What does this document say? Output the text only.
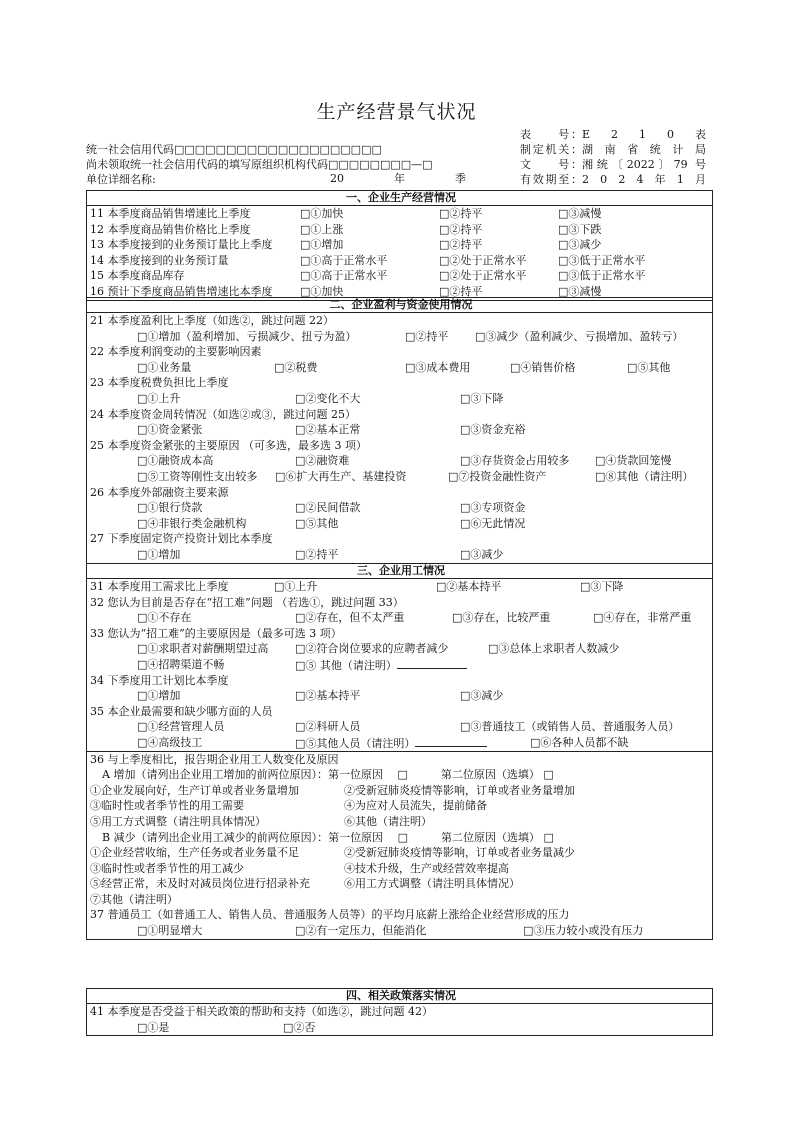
生产经营景气状况
统一社会信用代码□□□□□□□□□□□□□□□□□□□□
尚未领取统一社会信用代码的填写原组织机构代码□□□□□□□□—□
单位详细名称:	20　　	年　　	季
表　　号：E　2　1　0　表
制定机关：湖 南 省 统 计 局
文　　号：湘统〔2022〕79 号
有效期至：2　0　2　4　年　1　月
一、企业生产经营情况

11 本季度商品销售增速比上季度	□①加快	□②持平	□③减慢
12 本季度商品销售价格比上季度	□①上涨	□②持平	□③下跌
13 本季度接到的业务预订量比上季度	□①增加	□②持平	□③减少
14 本季度接到的业务预订量	□①高于正常水平	□②处于正常水平	□③低于正常水平
15 本季度商品库存	□①高于正常水平	□②处于正常水平	□③低于正常水平
16 预计下季度商品销售增速比本季度	□①加快	□②持平	□③减慢
二、企业盈利与资金使用情况

21 本季度盈利比上季度（如选②，跳过问题 22）
□①增加（盈利增加、亏损减少、扭亏为盈）	□②持平 □③减少（盈利减少、亏损增加、盈转亏）
22 本季度利润变动的主要影响因素
□①业务量	□②税费	□③成本费用	□④销售价格	□⑤其他
23 本季度税费负担比上季度
□①上升	□②变化不大	□③下降
24 本季度资金周转情况（如选②或③，跳过问题 25）
□①资金紧张	□②基本正常	□③资金充裕
25 本季度资金紧张的主要原因 （可多选，最多选 3 项）
□①融资成本高	□②融资难	□③存货资金占用较多 □④货款回笼慢
□⑤工资等刚性支出较多 □⑥扩大再生产、基建投资	□⑦投资金融性资产	□⑧其他（请注明）
26 本季度外部融资主要来源
□①银行贷款	□②民间借款	□③专项资金
□④非银行类金融机构	□⑤其他	□⑥无此情况
27 下季度固定资产投资计划比本季度
□①增加	□②持平	□③减少
三、企业用工情况

31 本季度用工需求比上季度	□①上升	□②基本持平	□③下降
32 您认为目前是否存在“招工难”问题 （若选①，跳过问题 33）
□①不存在	□②存在，但不太严重	□③存在，比较严重	□④存在，非常严重
33 您认为“招工难”的主要原因是（最多可选 3 项）
□①求职者对薪酬期望过高 □②符合岗位要求的应聘者减少	□③总体上求职者人数减少
□④招聘渠道不畅	□⑤ 其他（请注明）
34 下季度用工计划比本季度
□①增加	□②基本持平	□③减少
35 本企业最需要和缺少哪方面的人员
□①经营管理人员	□②科研人员	□③普通技工（或销售人员、普通服务人员）
□④高级技工	□⑤其他人员（请注明）	□⑥各种人员都不缺

36 与上季度相比，报告期企业用工人数变化及原因
A 增加（请列出企业用工增加的前两位原因）：第一位原因　 □　　　第二位原因（选填） □
①企业发展向好，生产订单或者业务量增加	②受新冠肺炎疫情等影响，订单或者业务量增加
③临时性或者季节性的用工需要	④为应对人员流失，提前储备
⑤用工方式调整（请注明具体情况）	⑥其他（请注明）
B 减少（请列出企业用工减少的前两位原因）：第一位原因　 □　　　第二位原因（选填） □
①企业经营收缩，生产任务或者业务量不足	②受新冠肺炎疫情等影响，订单或者业务量减少
③临时性或者季节性的用工减少	④技术升级，生产或经营效率提高
⑤经营正常，未及时对减员岗位进行招录补充	⑥用工方式调整（请注明具体情况）
⑦其他（请注明）
37 普通员工（如普通工人、销售人员、普通服务人员等）的平均月底薪上涨给企业经营形成的压力
□①明显增大	□②有一定压力，但能消化	□③压力较小或没有压力
四、相关政策落实情况

41 本季度是否受益于相关政策的帮助和支持（如选②，跳过问题 42）
□①是	□②否
